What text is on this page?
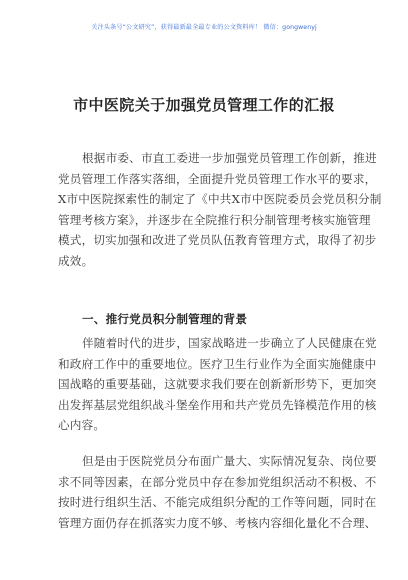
关注头条号“公文研究”，获得最新最全最专业的公文资料库！ 微信：gongwenyj
市中医院关于加强党员管理工作的汇报
根据市委、市直工委进一步加强党员管理工作创新，推进
党员管理工作落实落细，全面提升党员管理工作水平的要求，
X市中医院探索性的制定了《中共X市中医院委员会党员积分制
管理考核方案》，并逐步在全院推行积分制管理考核实施管理
模式，切实加强和改进了党员队伍教育管理方式，取得了初步
成效。
一、推行党员积分制管理的背景
伴随着时代的进步，国家战略进一步确立了人民健康在党
和政府工作中的重要地位。医疗卫生行业作为全面实施健康中
国战略的重要基础，这就要求我们要在创新新形势下，更加突
出发挥基层党组织战斗堡垒作用和共产党员先锋模范作用的核
心内容。
但是由于医院党员分布面广量大、实际情况复杂、岗位要
求不同等因素，在部分党员中存在参加党组织活动不积极、不
按时进行组织生活、不能完成组织分配的工作等问题，同时在
管理方面仍存在抓落实力度不够、考核内容细化量化不合理、
